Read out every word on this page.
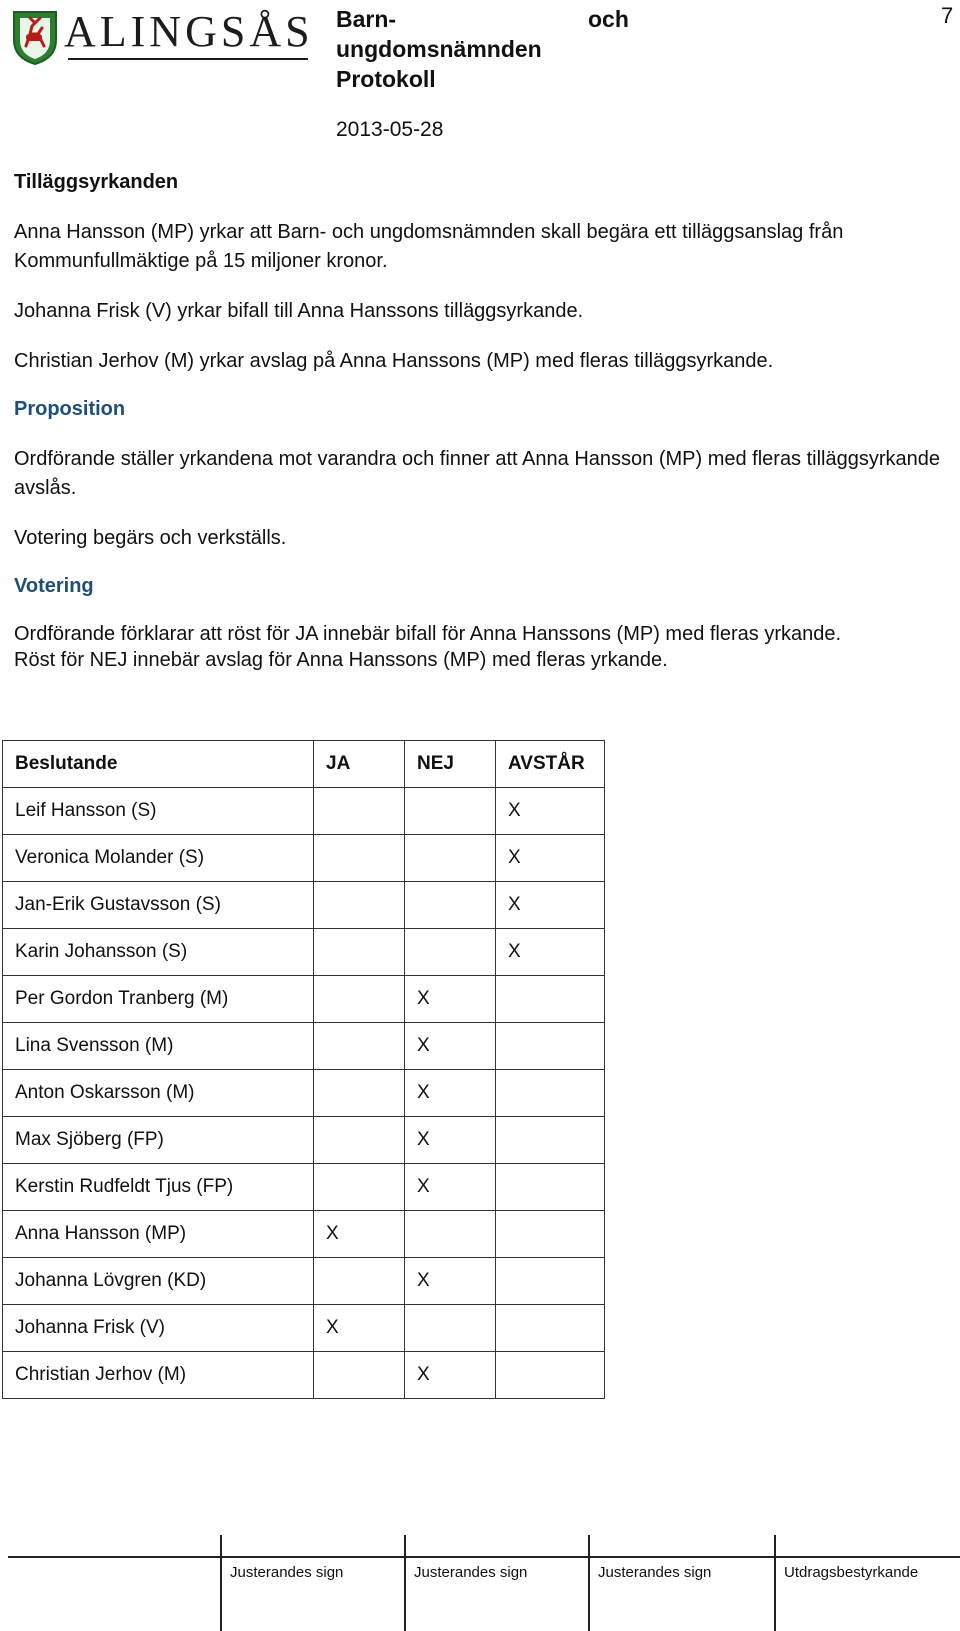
ALINGSÅS Barn- ungdomsnämnden Protokoll
och	7
2013-05-28

Tilläggsyrkanden

Anna Hansson (MP) yrkar att Barn- och ungdomsnämnden skall begära ett tilläggsanslag från Kommunfullmäktige på 15 miljoner kronor.

Johanna Frisk (V) yrkar bifall till Anna Hanssons tilläggsyrkande.

Christian Jerhov (M) yrkar avslag på Anna Hanssons (MP) med fleras tilläggsyrkande.

Proposition

Ordförande ställer yrkandena mot varandra och finner att Anna Hansson (MP) med fleras tilläggsyrkande avslås.

Votering begärs och verkställs.

Votering

Ordförande förklarar att röst för JA innebär bifall för Anna Hanssons (MP) med fleras yrkande.

Röst för NEJ innebär avslag för Anna Hanssons (MP) med fleras yrkande.

Beslutande	JA	NEJ	AVSTÅR
Leif Hansson (S)			X
Veronica Molander (S)			X
Jan-Erik Gustavsson (S)			X
Karin Johansson (S)			X
Per Gordon Tranberg (M)		X	
Lina Svensson (M)		X	
Anton Oskarsson (M)		X	
Max Sjöberg (FP)		X	
Kerstin Rudfeldt Tjus (FP)		X	
Anna Hansson (MP)	X		
Johanna Lövgren (KD)		X	
Johanna Frisk (V)	X		
Christian Jerhov (M)		X	
Justerandes sign	Justerandes sign	Justerandes sign	Utdragsbestyrkande
